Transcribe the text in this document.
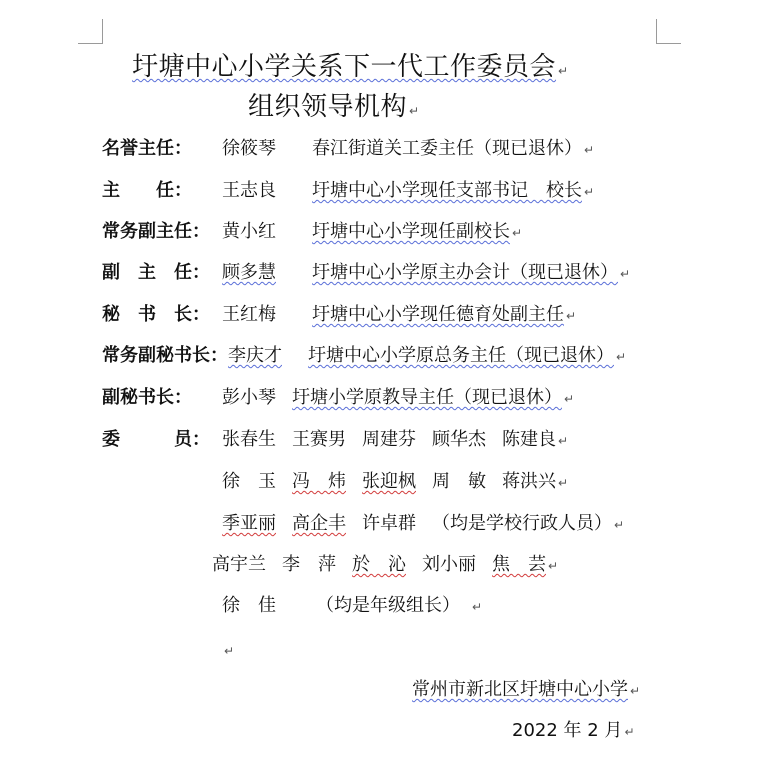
圩塘中心小学关系下一代工作委员会 ↵
组织领导机构 ↵
名誉主任： 徐筱琴 春江街道关工委主任（现已退休） ↵
主　　任： 王志良 圩塘中心小学现任支部书记　校长 ↵
常务副主任： 黄小红 圩塘中心小学现任副校长 ↵
副　主　任： 顾多慧 圩塘中心小学原主办会计（现已退休） ↵
秘　书　长： 王红梅 圩塘中心小学现任德育处副主任 ↵
常务副秘书长：李庆才 圩塘中心小学原总务主任（现已退休） ↵
副秘书长： 彭小琴 圩塘小学原教导主任（现已退休） ↵
委　　　员： 张春生 王赛男 周建芬 顾华杰 陈建良 ↵
徐　玉 冯　炜 张迎枫 周　敏 蒋洪兴 ↵
季亚丽 高企丰 许卓群 （均是学校行政人员） ↵
高宇兰 李　萍 於　沁 刘小丽 焦　芸 ↵
徐　佳 （均是年级组长） ↵
↵
常州市新北区圩塘中心小学 ↵
2022 年 2 月 ↵
